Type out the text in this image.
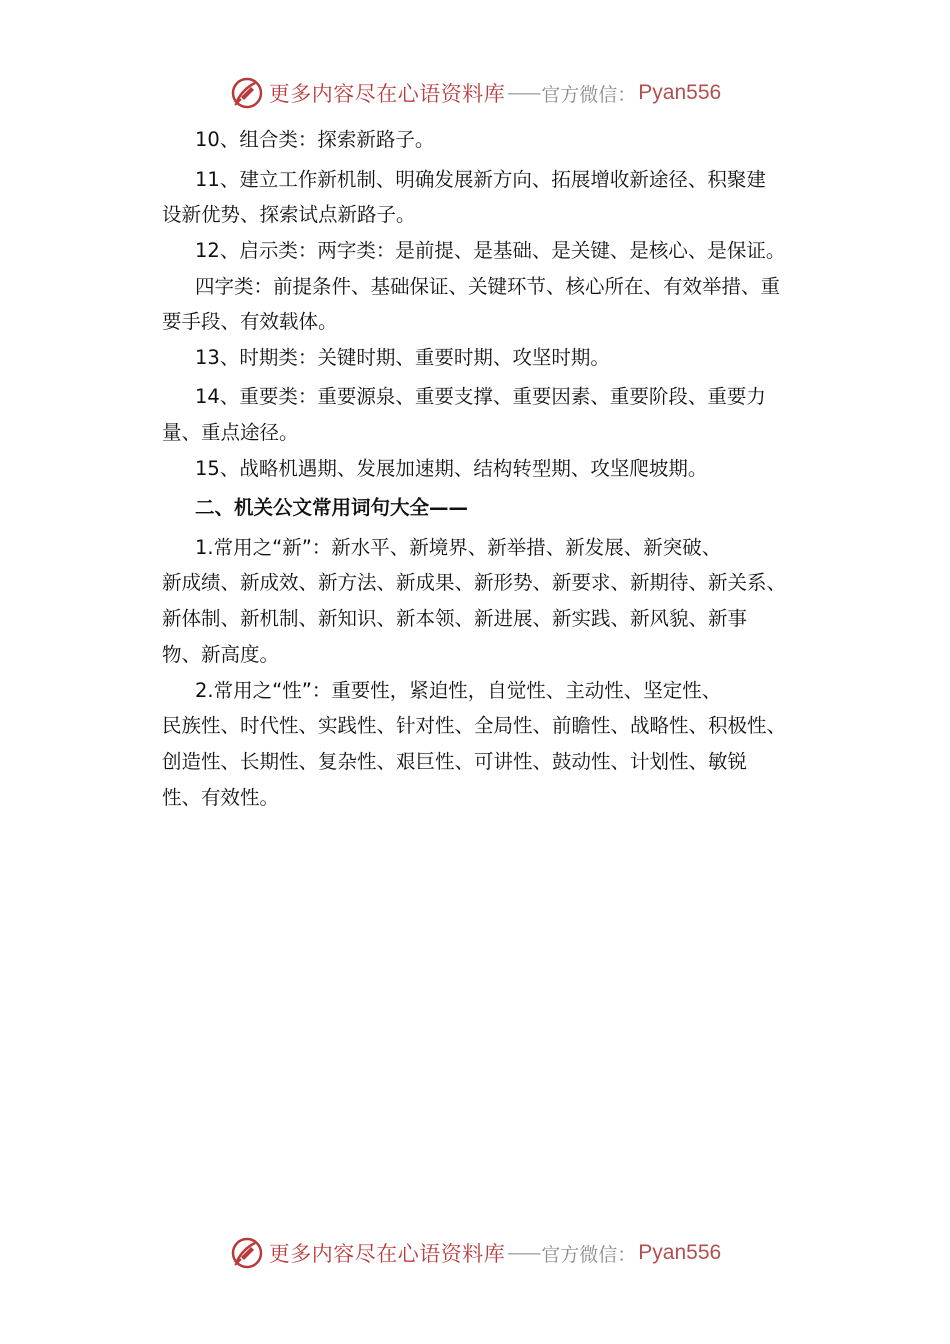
更多内容尽在心语资料库 —— 官方微信： Pyan556
10、组合类：探索新路子。
11、建立工作新机制、明确发展新方向、拓展增收新途径、积聚建
设新优势、探索试点新路子。
12、启示类：两字类：是前提、是基础、是关键、是核心、是保证。
四字类：前提条件、基础保证、关键环节、核心所在、有效举措、重
要手段、有效载体。
13、时期类：关键时期、重要时期、攻坚时期。
14、重要类：重要源泉、重要支撑、重要因素、重要阶段、重要力
量、重点途径。
15、战略机遇期、发展加速期、结构转型期、攻坚爬坡期。
二、机关公文常用词句大全——
1.常用之“新”：新水平、新境界、新举措、新发展、新突破、
新成绩、新成效、新方法、新成果、新形势、新要求、新期待、新关系、
新体制、新机制、新知识、新本领、新进展、新实践、新风貌、新事
物、新高度。
2.常用之“性”：重要性，紧迫性，自觉性、主动性、坚定性、
民族性、时代性、实践性、针对性、全局性、前瞻性、战略性、积极性、
创造性、长期性、复杂性、艰巨性、可讲性、鼓动性、计划性、敏锐
性、有效性。
更多内容尽在心语资料库 —— 官方微信： Pyan556
